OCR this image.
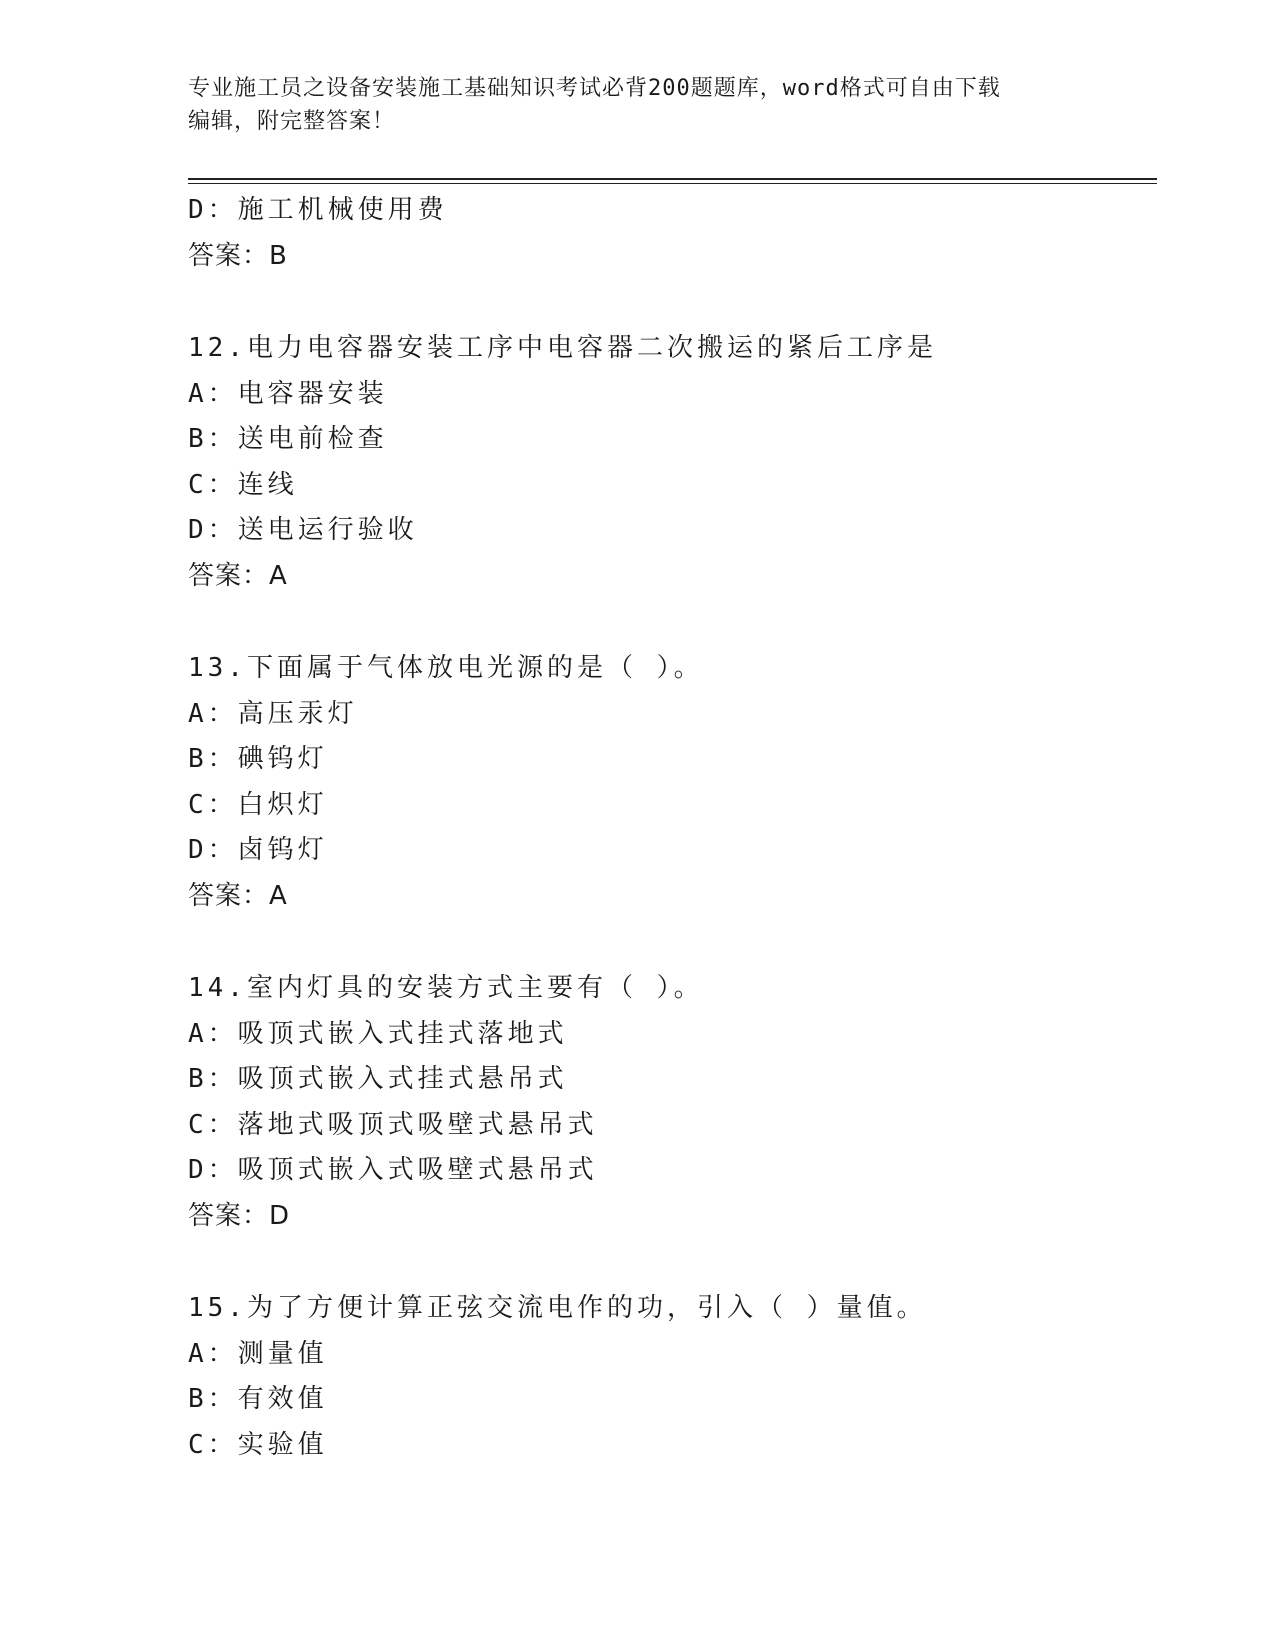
专业施工员之设备安装施工基础知识考试必背200题题库，word格式可自由下载
编辑，附完整答案！
D：施工机械使用费
答案：B
12.电力电容器安装工序中电容器二次搬运的紧后工序是
A：电容器安装
B：送电前检查
C：连线
D：送电运行验收
答案：A
13.下面属于气体放电光源的是（ ）。
A：高压汞灯
B：碘钨灯
C：白炽灯
D：卤钨灯
答案：A
14.室内灯具的安装方式主要有（ ）。
A：吸顶式嵌入式挂式落地式
B：吸顶式嵌入式挂式悬吊式
C：落地式吸顶式吸壁式悬吊式
D：吸顶式嵌入式吸壁式悬吊式
答案：D
15.为了方便计算正弦交流电作的功，引入（ ）量值。
A：测量值
B：有效值
C：实验值
